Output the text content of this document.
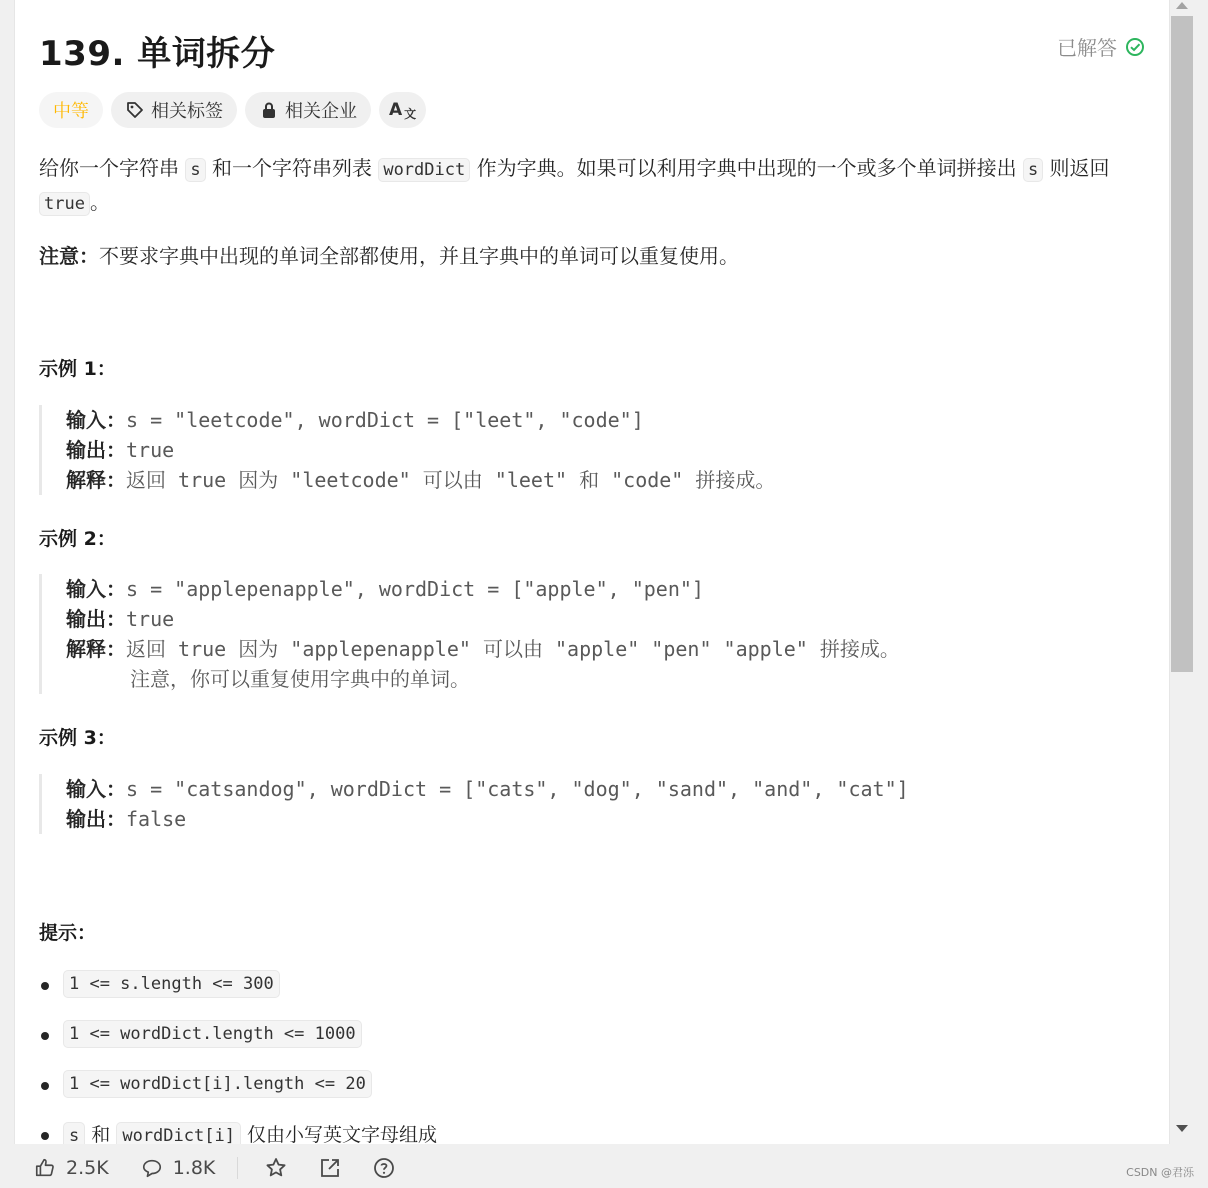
139. 单词拆分	已解答
中等	相关标签	相关企业 A 文
给你一个字符串 s 和一个字符串列表 wordDict 作为字典。如果可以利用字典中出现的一个或多个单词拼接出 s 则返回 true 。
注意：不要求字典中出现的单词全部都使用，并且字典中的单词可以重复使用。
示例 1：
输入：s = "leetcode", wordDict = ["leet", "code"]
输出：true
解释：返回 true 因为 "leetcode" 可以由 "leet" 和 "code" 拼接成。
示例 2：
输入：s = "applepenapple", wordDict = ["apple", "pen"]
输出：true
解释：返回 true 因为 "applepenapple" 可以由 "apple" "pen" "apple" 拼接成。
注意，你可以重复使用字典中的单词。
示例 3：
输入：s = "catsandog", wordDict = ["cats", "dog", "sand", "and", "cat"]
输出：false
提示：
1 <= s.length <= 300
1 <= wordDict.length <= 1000
1 <= wordDict[i].length <= 20
s 和 wordDict[i] 仅由小写英文字母组成
2.5K	1.8K	CSDN @君泺
